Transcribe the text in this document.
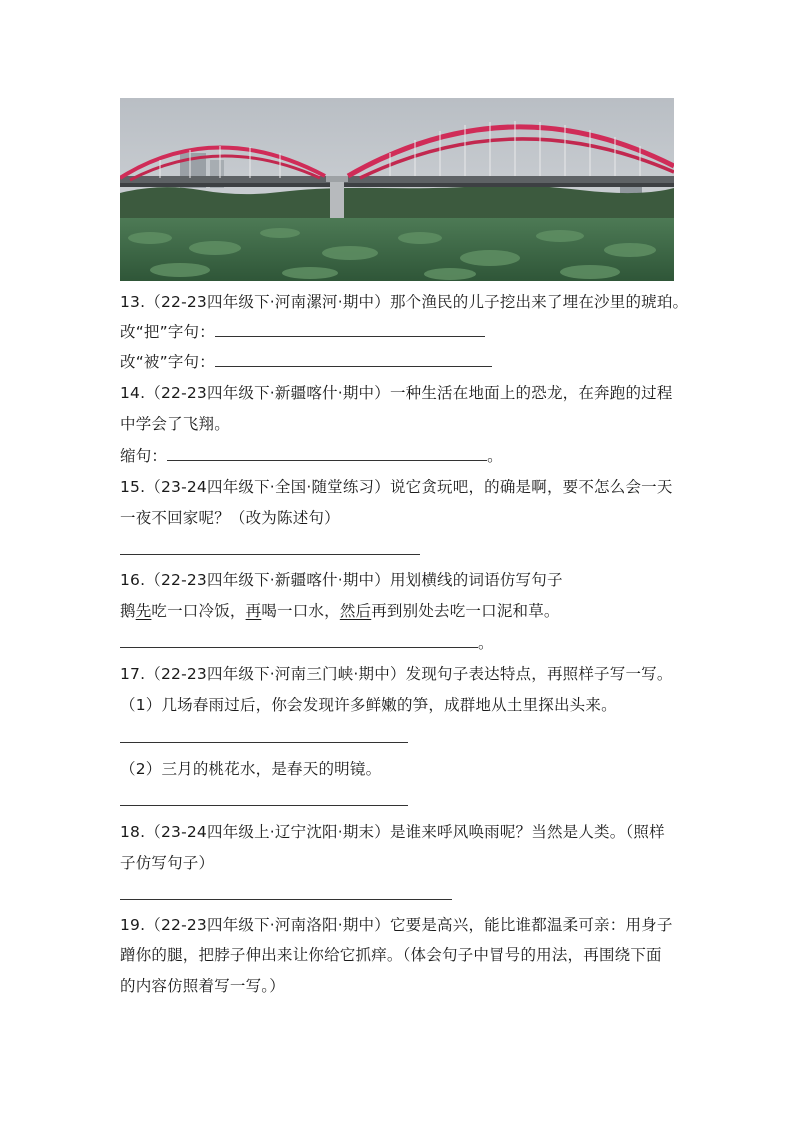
13.（22-23四年级下·河南漯河·期中）那个渔民的儿子挖出来了埋在沙里的琥珀。
改“把”字句：
改“被”字句：
14.（22-23四年级下·新疆喀什·期中）一种生活在地面上的恐龙，在奔跑的过程
中学会了飞翔。
缩句：	。
15.（23-24四年级下·全国·随堂练习）说它贪玩吧，的确是啊，要不怎么会一天
一夜不回家呢？（改为陈述句）
16.（22-23四年级下·新疆喀什·期中）用划横线的词语仿写句子
鹅先吃一口冷饭，再喝一口水，然后再到别处去吃一口泥和草。
。
17.（22-23四年级下·河南三门峡·期中）发现句子表达特点，再照样子写一写。
（1）几场春雨过后，你会发现许多鲜嫩的笋，成群地从土里探出头来。
（2）三月的桃花水，是春天的明镜。
18.（23-24四年级上·辽宁沈阳·期末）是谁来呼风唤雨呢？当然是人类。（照样
子仿写句子）
19.（22-23四年级下·河南洛阳·期中）它要是高兴，能比谁都温柔可亲：用身子
蹭你的腿，把脖子伸出来让你给它抓痒。（体会句子中冒号的用法，再围绕下面
的内容仿照着写一写。）
